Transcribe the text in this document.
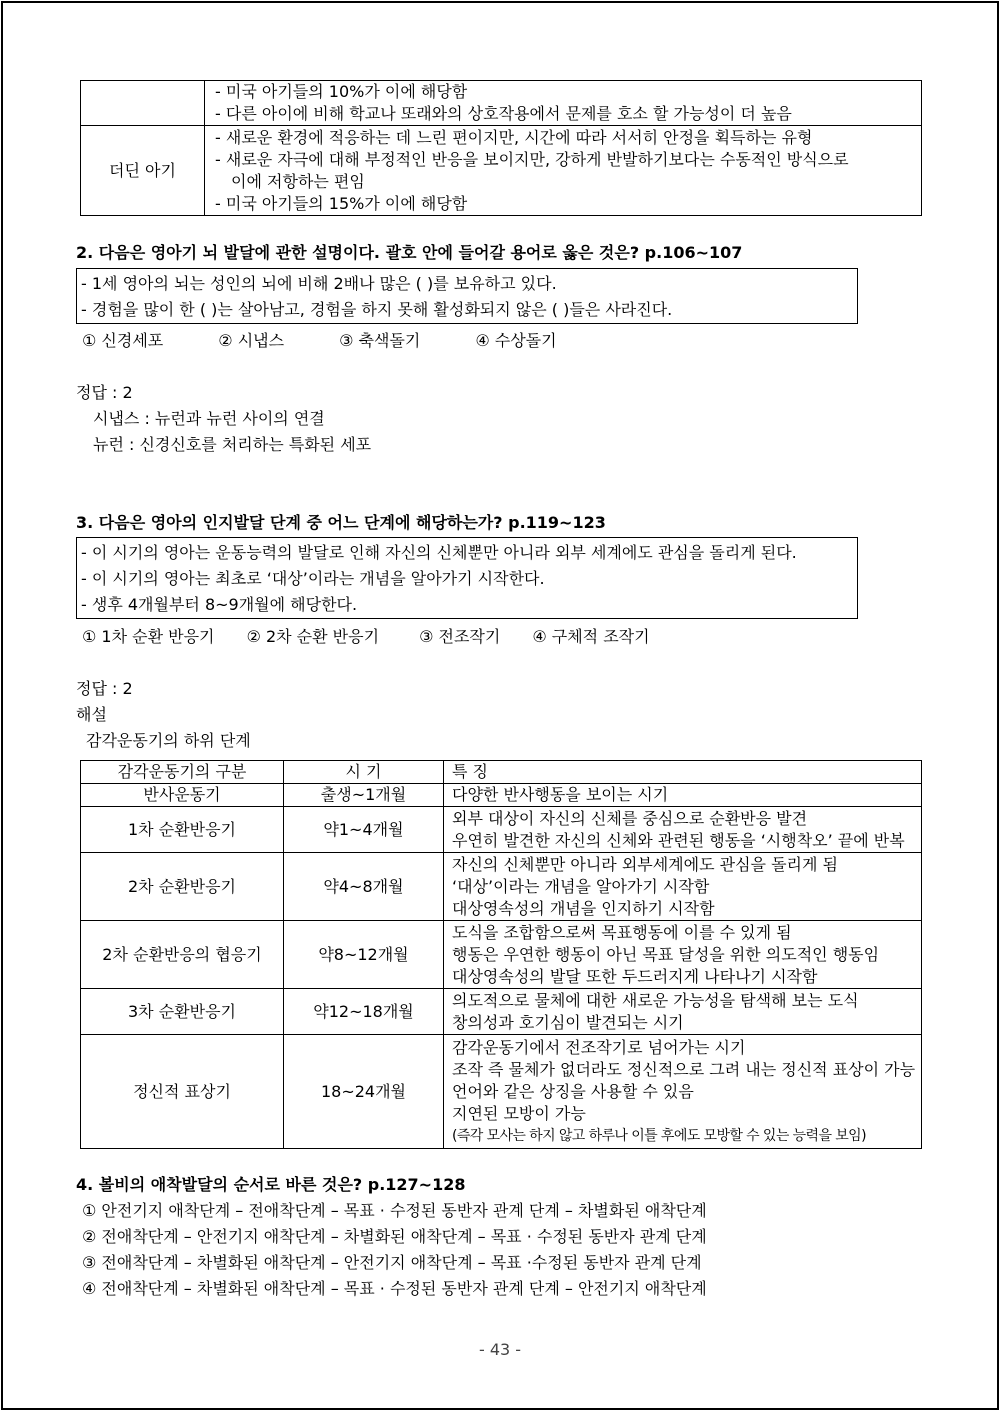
	- 미국 아기들의 10%가 이에 해당함
- 다른 아이에 비해 학교나 또래와의 상호작용에서 문제를 호소 할 가능성이 더 높음

더딘 아기	- 새로운 환경에 적응하는 데 느린 편이지만, 시간에 따라 서서히 안정을 획득하는 유형
- 새로운 자극에 대해 부정적인 반응을 보이지만, 강하게 반발하기보다는 수동적인 방식으로
이에 저항하는 편임
- 미국 아기들의 15%가 이에 해당함
2. 다음은 영아기 뇌 발달에 관한 설명이다. 괄호 안에 들어갈 용어로 옳은 것은? p.106~107
- 1세 영아의 뇌는 성인의 뇌에 비해 2배나 많은 ( )를 보유하고 있다.
- 경험을 많이 한 ( )는 살아남고, 경험을 하지 못해 활성화되지 않은 ( )들은 사라진다.
① 신경세포	② 시냅스	③ 축색돌기	④ 수상돌기
정답 : 2
시냅스 : 뉴런과 뉴런 사이의 연결
뉴런 : 신경신호를 처리하는 특화된 세포
3. 다음은 영아의 인지발달 단계 중 어느 단계에 해당하는가? p.119~123
- 이 시기의 영아는 운동능력의 발달로 인해 자신의 신체뿐만 아니라 외부 세계에도 관심을 돌리게 된다.
- 이 시기의 영아는 최초로 ‘대상’이라는 개념을 알아가기 시작한다.
- 생후 4개월부터 8~9개월에 해당한다.
① 1차 순환 반응기 ② 2차 순환 반응기	③ 전조작기 ④ 구체적 조작기
정답 : 2
해설
감각운동기의 하위 단계
감각운동기의 구분	시 기	특 징
반사운동기	출생~1개월	다양한 반사행동을 보이는 시기

1차 순환반응기	약1~4개월	외부 대상이 자신의 신체를 중심으로 순환반응 발견
우연히 발견한 자신의 신체와 관련된 행동을 ‘시행착오’ 끝에 반복

2차 순환반응기	약4~8개월	자신의 신체뿐만 아니라 외부세계에도 관심을 돌리게 됨
‘대상’이라는 개념을 알아가기 시작함
대상영속성의 개념을 인지하기 시작함

2차 순환반응의 협응기	약8~12개월	도식을 조합함으로써 목표행동에 이를 수 있게 됨
행동은 우연한 행동이 아닌 목표 달성을 위한 의도적인 행동임
대상영속성의 발달 또한 두드러지게 나타나기 시작함

3차 순환반응기	약12~18개월	의도적으로 물체에 대한 새로운 가능성을 탐색해 보는 도식
창의성과 호기심이 발견되는 시기

정신적 표상기	18~24개월	감각운동기에서 전조작기로 넘어가는 시기
조작 즉 물체가 없더라도 정신적으로 그려 내는 정신적 표상이 가능
언어와 같은 상징을 사용할 수 있음
지연된 모방이 가능
(즉각 모사는 하지 않고 하루나 이틀 후에도 모방할 수 있는 능력을 보임)
4. 볼비의 애착발달의 순서로 바른 것은? p.127~128
① 안전기지 애착단계 – 전애착단계 – 목표 · 수정된 동반자 관계 단계 – 차별화된 애착단계
② 전애착단계 – 안전기지 애착단계 – 차별화된 애착단계 – 목표 · 수정된 동반자 관계 단계
③ 전애착단계 – 차별화된 애착단계 – 안전기지 애착단계 – 목표 ·수정된 동반자 관계 단계
④ 전애착단계 – 차별화된 애착단계 – 목표 · 수정된 동반자 관계 단계 – 안전기지 애착단계
- 43 -
